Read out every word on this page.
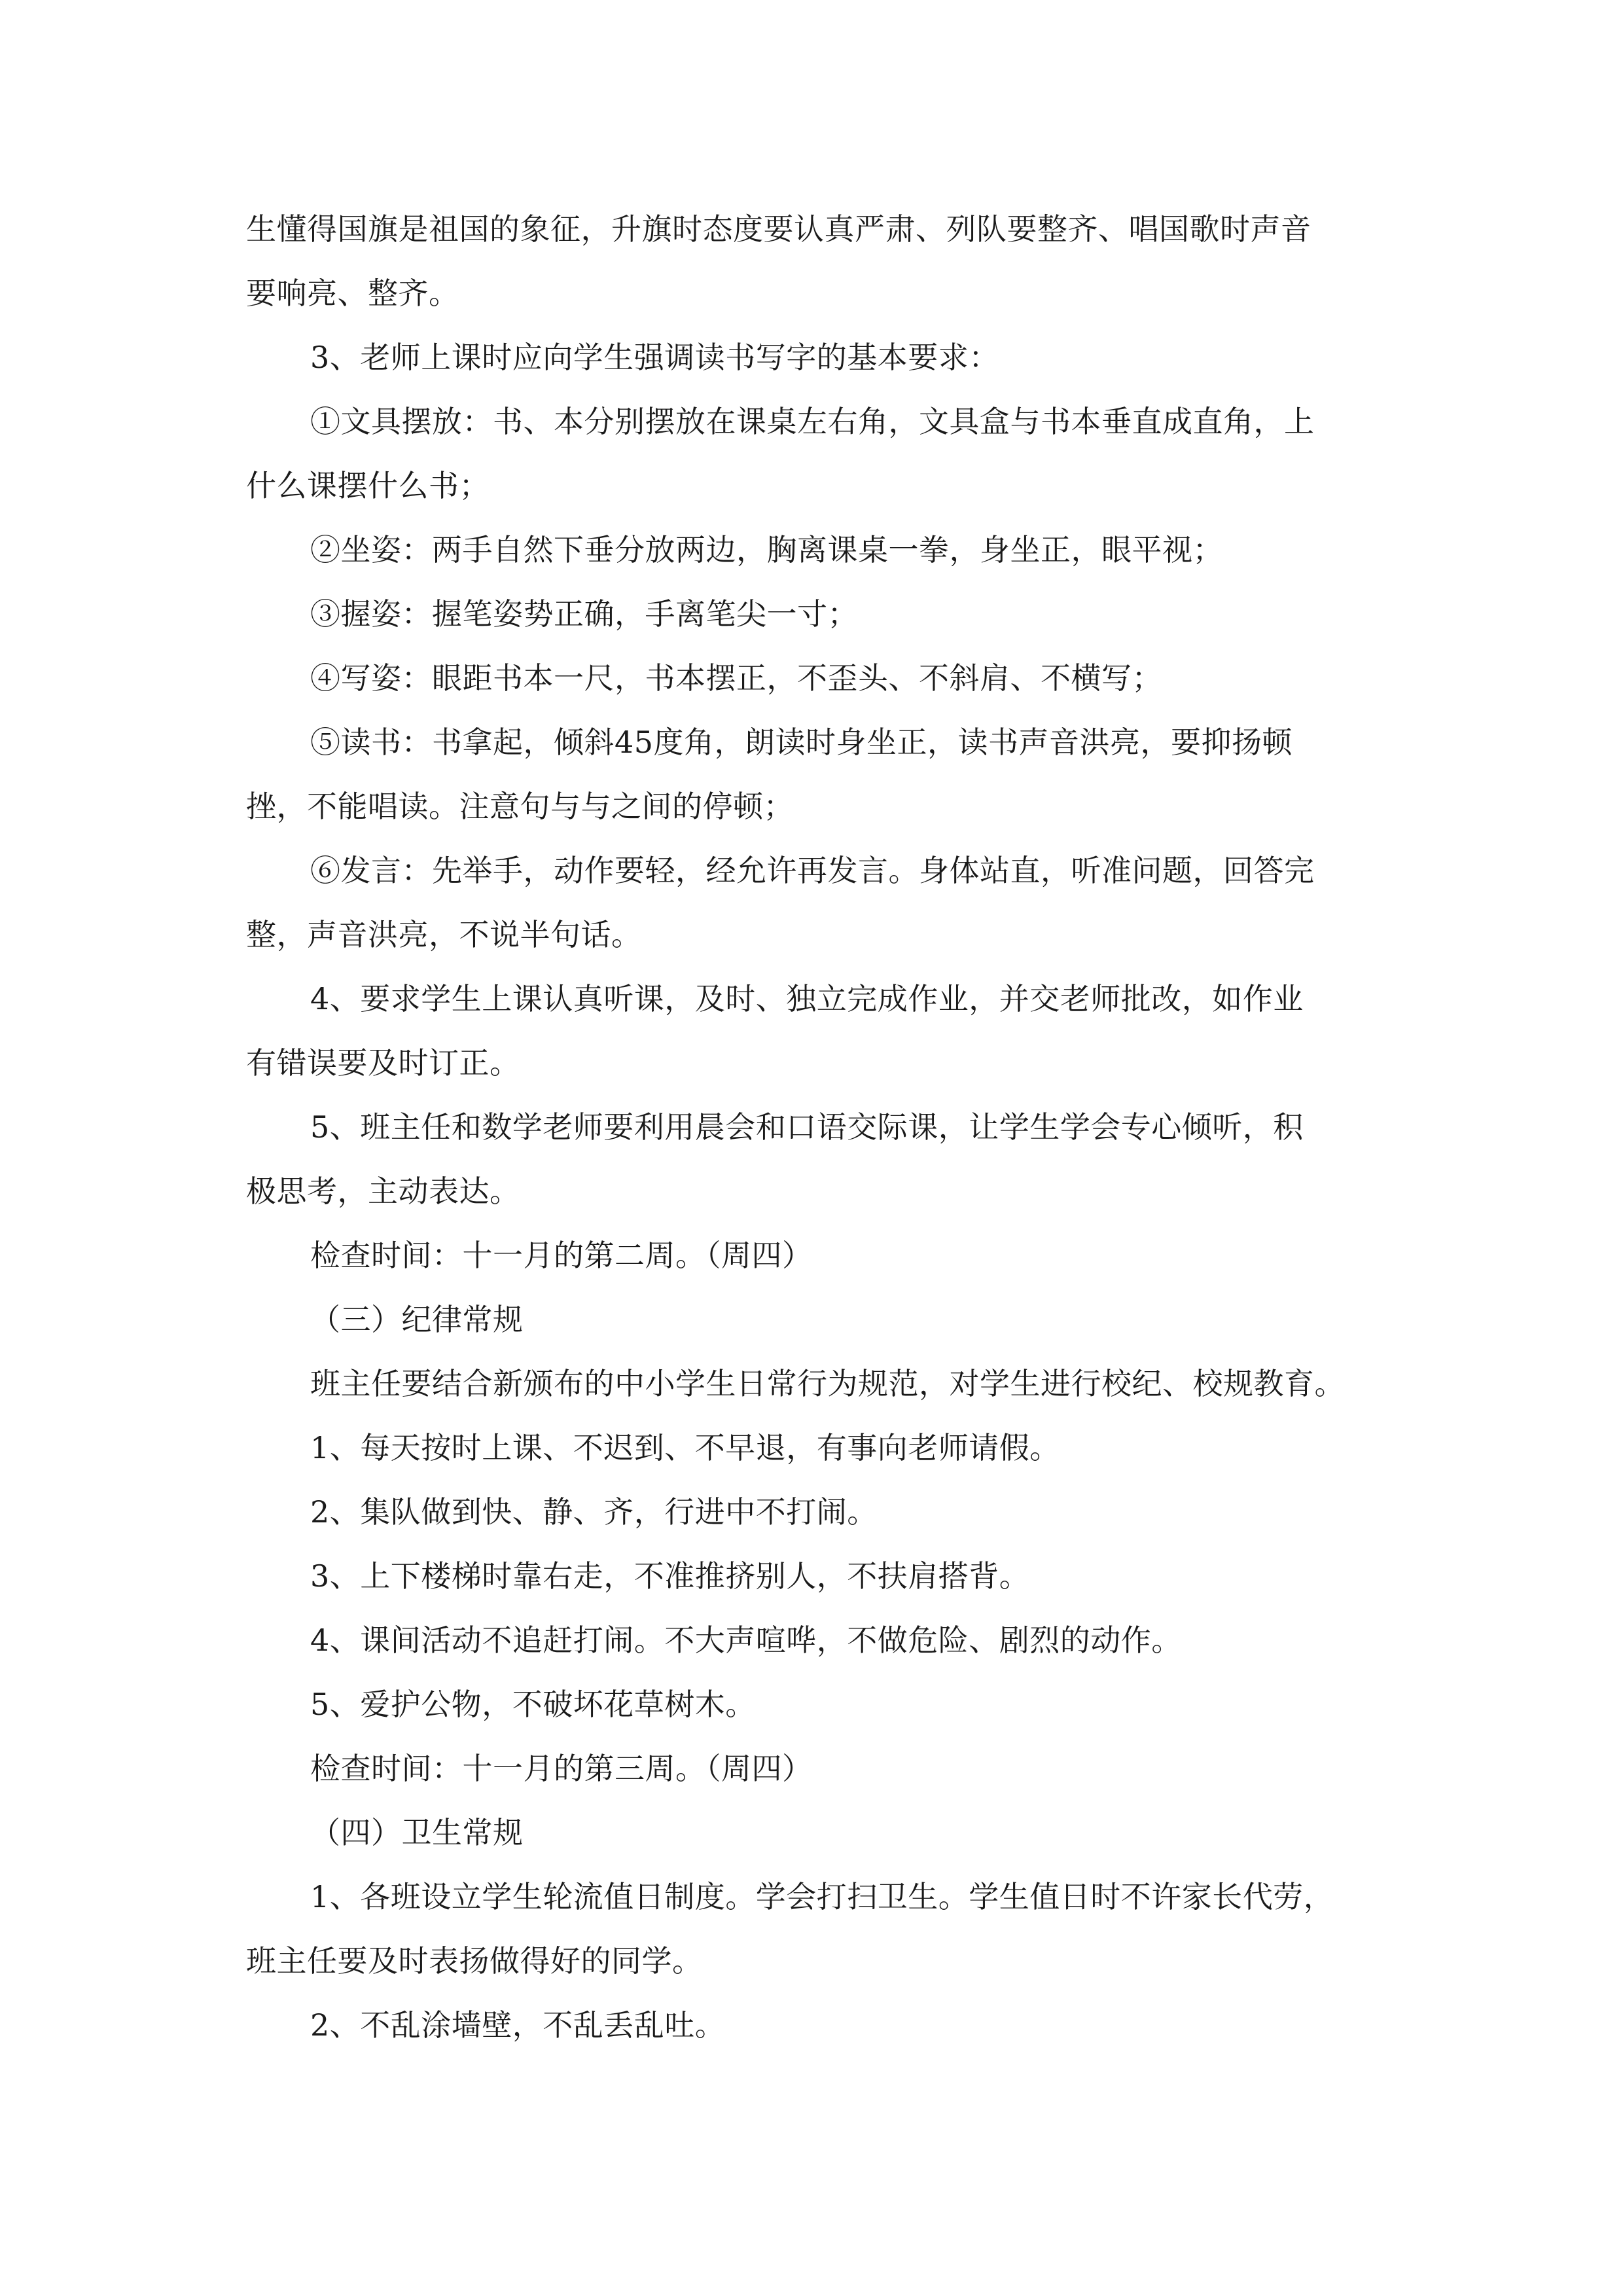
生懂得国旗是祖国的象征，升旗时态度要认真严肃、列队要整齐、唱国歌时声音
要响亮、整齐。
3、老师上课时应向学生强调读书写字的基本要求：
①文具摆放：书、本分别摆放在课桌左右角，文具盒与书本垂直成直角，上
什么课摆什么书；
②坐姿：两手自然下垂分放两边，胸离课桌一拳，身坐正，眼平视；
③握姿：握笔姿势正确，手离笔尖一寸；
④写姿：眼距书本一尺，书本摆正，不歪头、不斜肩、不横写；
⑤读书：书拿起，倾斜45度角，朗读时身坐正，读书声音洪亮，要抑扬顿
挫，不能唱读。注意句与与之间的停顿；
⑥发言：先举手，动作要轻，经允许再发言。身体站直，听准问题，回答完
整，声音洪亮，不说半句话。
4、要求学生上课认真听课，及时、独立完成作业，并交老师批改，如作业
有错误要及时订正。
5、班主任和数学老师要利用晨会和口语交际课，让学生学会专心倾听，积
极思考，主动表达。
检查时间：十一月的第二周。（周四）
（三）纪律常规
班主任要结合新颁布的中小学生日常行为规范，对学生进行校纪、校规教育。
1、每天按时上课、不迟到、不早退，有事向老师请假。
2、集队做到快、静、齐，行进中不打闹。
3、上下楼梯时靠右走，不准推挤别人，不扶肩搭背。
4、课间活动不追赶打闹。不大声喧哗，不做危险、剧烈的动作。
5、爱护公物，不破坏花草树木。
检查时间：十一月的第三周。（周四）
（四）卫生常规
1、各班设立学生轮流值日制度。学会打扫卫生。学生值日时不许家长代劳，
班主任要及时表扬做得好的同学。
2、不乱涂墙壁，不乱丢乱吐。
